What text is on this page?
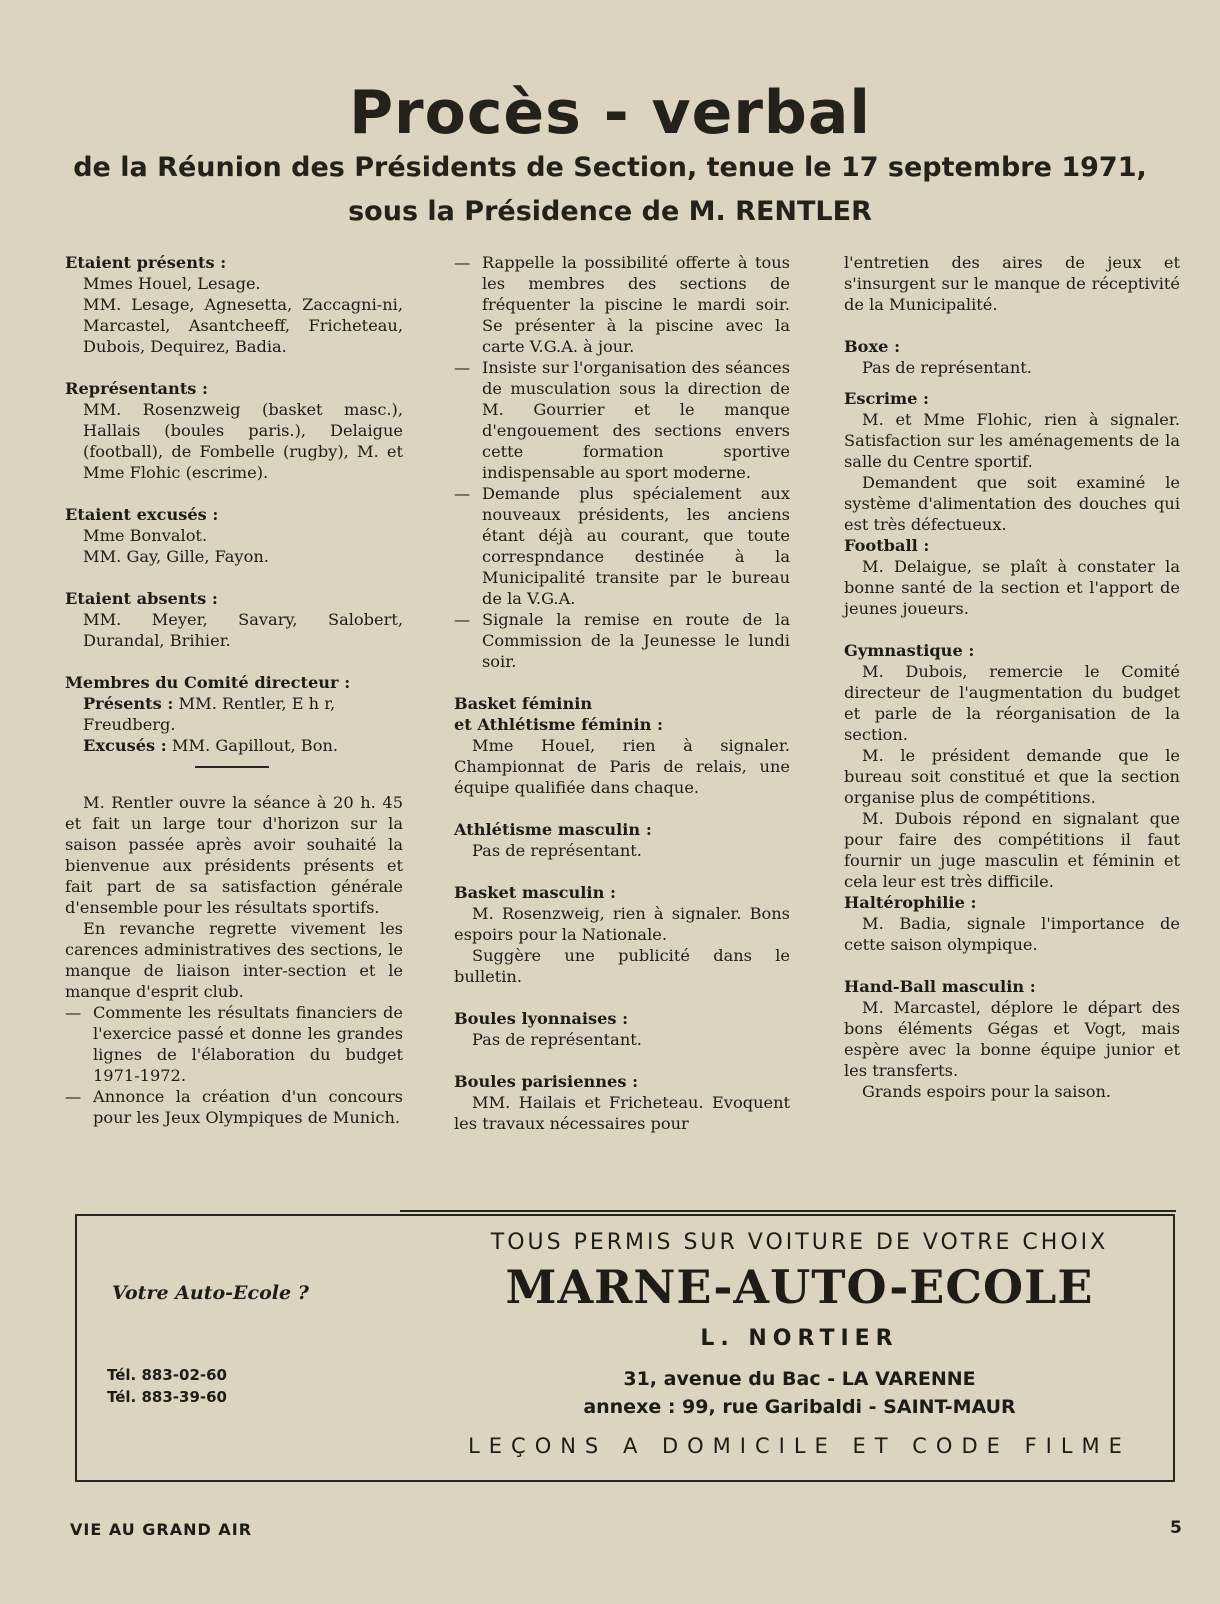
Procès - verbal
de la Réunion des Présidents de Section, tenue le 17 septembre 1971,
sous la Présidence de M. RENTLER
Etaient présents :
Mmes Houel, Lesage.
MM. Lesage, Agnesetta, Zaccagni-ni, Marcastel, Asantcheeff, Fricheteau, Dubois, Dequirez, Badia.
Représentants :
MM. Rosenzweig (basket masc.), Hallais (boules paris.), Delaigue (football), de Fombelle (rugby), M. et Mme Flohic (escrime).
Etaient excusés :
Mme Bonvalot.
MM. Gay, Gille, Fayon.
Etaient absents :
MM. Meyer, Savary, Salobert, Durandal, Brihier.
Membres du Comité directeur :
Présents : MM. Rentler, E h r, Freudberg.
Excusés : MM. Gapillout, Bon.
M. Rentler ouvre la séance à 20 h. 45 et fait un large tour d'horizon sur la saison passée après avoir souhaité la bienvenue aux présidents présents et fait part de sa satisfaction générale d'ensemble pour les résultats sportifs.
En revanche regrette vivement les carences administratives des sections, le manque de liaison inter-section et le manque d'esprit club.
— Commente les résultats financiers de l'exercice passé et donne les grandes lignes de l'élaboration du budget 1971-1972.
— Annonce la création d'un concours pour les Jeux Olympiques de Munich.
— Rappelle la possibilité offerte à tous les membres des sections de fréquenter la piscine le mardi soir. Se présenter à la piscine avec la carte V.G.A. à jour.
— Insiste sur l'organisation des séances de musculation sous la direction de M. Gourrier et le manque d'engouement des sections envers cette formation sportive indispensable au sport moderne.
— Demande plus spécialement aux nouveaux présidents, les anciens étant déjà au courant, que toute correspndance destinée à la Municipalité transite par le bureau de la V.G.A.
— Signale la remise en route de la Commission de la Jeunesse le lundi soir.
Basket féminin
et Athlétisme féminin :
Mme Houel, rien à signaler. Championnat de Paris de relais, une équipe qualifiée dans chaque.
Athlétisme masculin :
Pas de représentant.
Basket masculin :
M. Rosenzweig, rien à signaler. Bons espoirs pour la Nationale.
Suggère une publicité dans le bulletin.
Boules lyonnaises :
Pas de représentant.
Boules parisiennes :
MM. Hailais et Fricheteau. Evoquent les travaux nécessaires pour
l'entretien des aires de jeux et s'insurgent sur le manque de réceptivité de la Municipalité.
Boxe :
Pas de représentant.
Escrime :
M. et Mme Flohic, rien à signaler. Satisfaction sur les aménagements de la salle du Centre sportif.
Demandent que soit examiné le système d'alimentation des douches qui est très défectueux.
Football :
M. Delaigue, se plaît à constater la bonne santé de la section et l'apport de jeunes joueurs.
Gymnastique :
M. Dubois, remercie le Comité directeur de l'augmentation du budget et parle de la réorganisation de la section.
M. le président demande que le bureau soit constitué et que la section organise plus de compétitions.
M. Dubois répond en signalant que pour faire des compétitions il faut fournir un juge masculin et féminin et cela leur est très difficile.
Haltérophilie :
M. Badia, signale l'importance de cette saison olympique.
Hand-Ball masculin :
M. Marcastel, déplore le départ des bons éléments Gégas et Vogt, mais espère avec la bonne équipe junior et les transferts.
Grands espoirs pour la saison.
Votre Auto-Ecole ?
Tél. 883-02-60
Tél. 883-39-60
TOUS PERMIS SUR VOITURE DE VOTRE CHOIX
MARNE-AUTO-ECOLE
L. NORTIER
31, avenue du Bac - LA VARENNE
annexe : 99, rue Garibaldi - SAINT-MAUR
LEÇONS A DOMICILE ET CODE FILME
VIE AU GRAND AIR	5
